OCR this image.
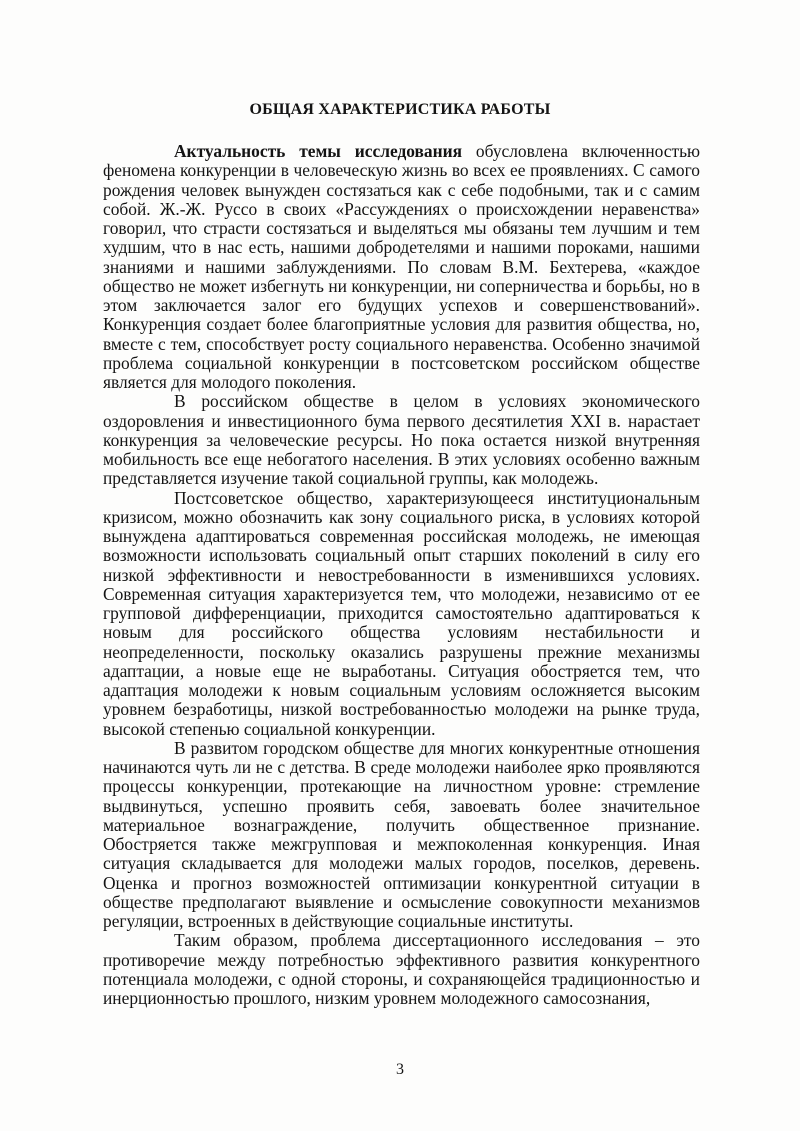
ОБЩАЯ ХАРАКТЕРИСТИКА РАБОТЫ

Актуальность темы исследования обусловлена включенностью феномена конкуренции в человеческую жизнь во всех ее проявлениях. С самого рождения человек вынужден состязаться как с себе подобными, так и с самим собой. Ж.-Ж. Руссо в своих «Рассуждениях о происхождении неравенства» говорил, что страсти состязаться и выделяться мы обязаны тем лучшим и тем худшим, что в нас есть, нашими добродетелями и нашими пороками, нашими знаниями и нашими заблуждениями. По словам В.М. Бехтерева, «каждое общество не может избегнуть ни конкуренции, ни соперничества и борьбы, но в этом заключается залог его будущих успехов и совершенствований». Конкуренция создает более благоприятные условия для развития общества, но, вместе с тем, способствует росту социального неравенства. Особенно значимой проблема социальной конкуренции в постсоветском российском обществе является для молодого поколения.

В российском обществе в целом в условиях экономического оздоровления и инвестиционного бума первого десятилетия XXI в. нарастает конкуренция за человеческие ресурсы. Но пока остается низкой внутренняя мобильность все еще небогатого населения. В этих условиях особенно важным представляется изучение такой социальной группы, как молодежь.

Постсоветское общество, характеризующееся институциональным кризисом, можно обозначить как зону социального риска, в условиях которой вынуждена адаптироваться современная российская молодежь, не имеющая возможности использовать социальный опыт старших поколений в силу его низкой эффективности и невостребованности в изменившихся условиях. Современная ситуация характеризуется тем, что молодежи, независимо от ее групповой дифференциации, приходится самостоятельно адаптироваться к новым для российского общества условиям нестабильности и неопределенности, поскольку оказались разрушены прежние механизмы адаптации, а новые еще не выработаны. Ситуация обостряется тем, что адаптация молодежи к новым социальным условиям осложняется высоким уровнем безработицы, низкой востребованностью молодежи на рынке труда, высокой степенью социальной конкуренции.

В развитом городском обществе для многих конкурентные отношения начинаются чуть ли не с детства. В среде молодежи наиболее ярко проявляются процессы конкуренции, протекающие на личностном уровне: стремление выдвинуться, успешно проявить себя, завоевать более значительное материальное вознаграждение, получить общественное признание. Обостряется также межгрупповая и межпоколенная конкуренция. Иная ситуация складывается для молодежи малых городов, поселков, деревень. Оценка и прогноз возможностей оптимизации конкурентной ситуации в обществе предполагают выявление и осмысление совокупности механизмов регуляции, встроенных в действующие социальные институты.

Таким образом, проблема диссертационного исследования – это противоречие между потребностью эффективного развития конкурентного потенциала молодежи, с одной стороны, и сохраняющейся традиционностью и инерционностью прошлого, низким уровнем молодежного самосознания,

3
